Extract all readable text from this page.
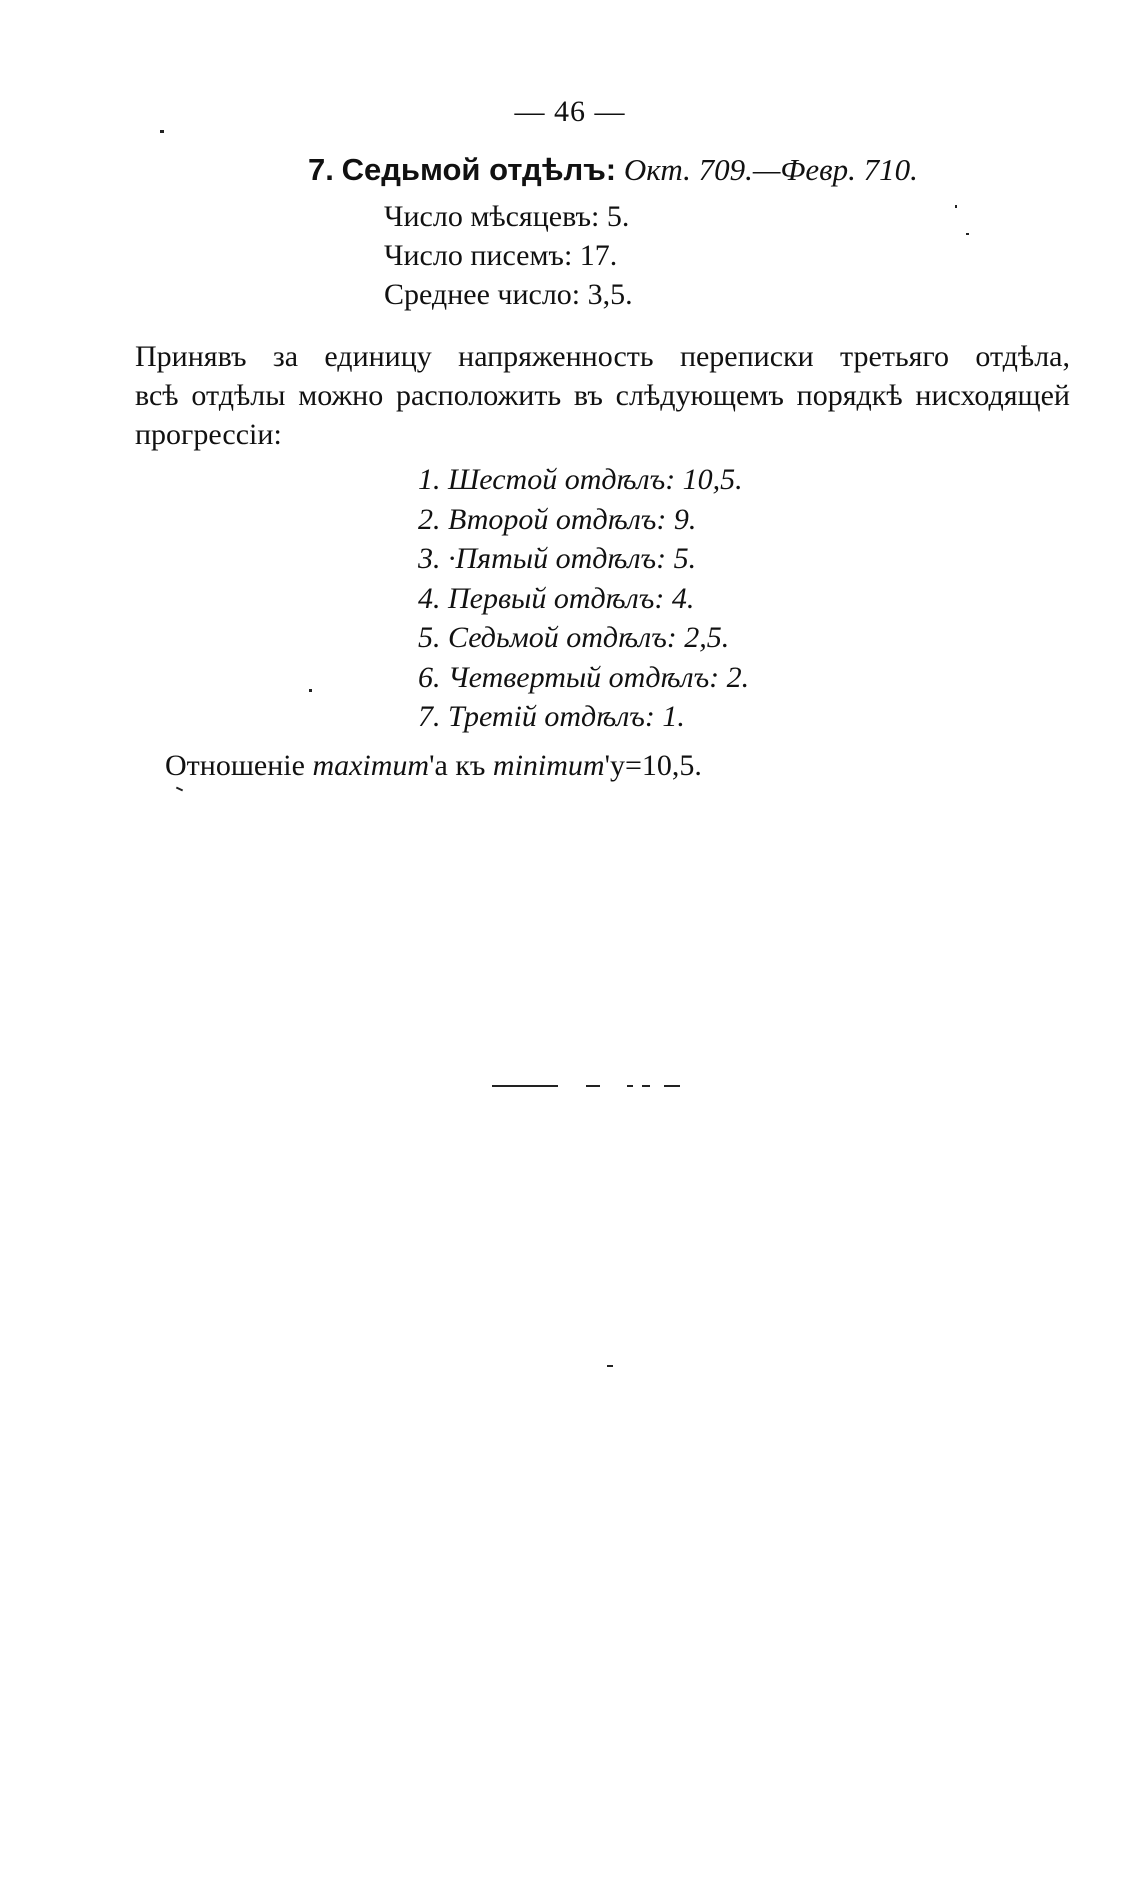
— 46 —
7. Седьмой отдѣлъ: Окт. 709.—Февр. 710.
Число мѣсяцевъ: 5.
Число писемъ: 17.
Среднее число: 3,5.
Принявъ за единицу напряженность переписки третьяго отдѣла,
всѣ отдѣлы можно расположить въ слѣдующемъ порядкѣ нисходящей
прогрессіи:
1. Шестой отдѣлъ: 10,5.
2. Второй отдѣлъ: 9.
3. ·Пятый отдѣлъ: 5.
4. Первый отдѣлъ: 4.
5. Седьмой отдѣлъ: 2,5.
6. Четвертый отдѣлъ: 2.
7. Третій отдѣлъ: 1.
Отношеніе maximum'а къ minimum'у=10,5.
